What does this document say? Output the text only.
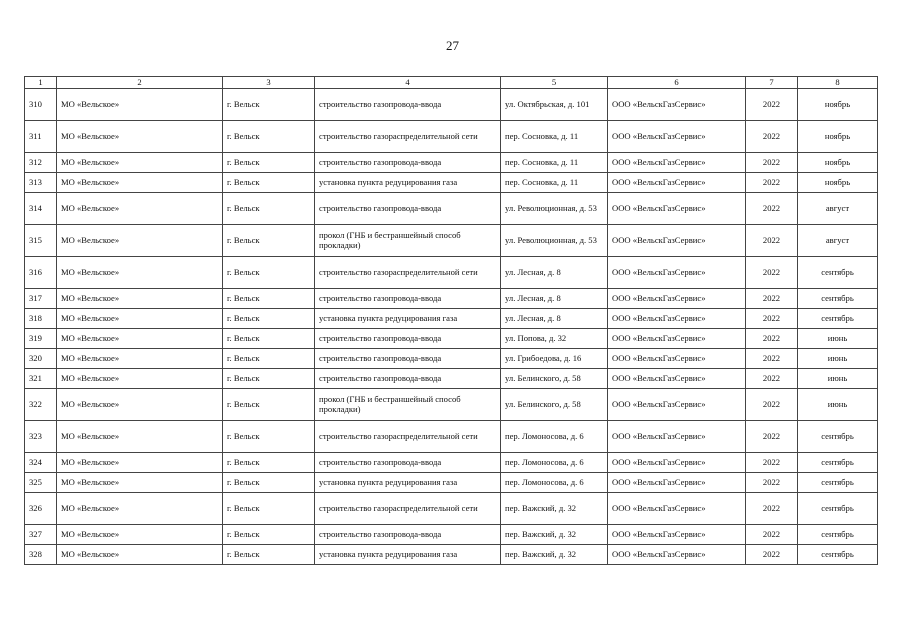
27
1	2	3	4	5	6	7	8
310	МО «Вельское»	г. Вельск	строительство газопровода-ввода	ул. Октябрьская, д. 101	ООО «ВельскГазСервис»	2022	ноябрь
311	МО «Вельское»	г. Вельск	строительство газораспределительной сети	пер. Сосновка, д. 11	ООО «ВельскГазСервис»	2022	ноябрь
312	МО «Вельское»	г. Вельск	строительство газопровода-ввода	пер. Сосновка, д. 11	ООО «ВельскГазСервис»	2022	ноябрь
313	МО «Вельское»	г. Вельск	установка пункта редуцирования газа	пер. Сосновка, д. 11	ООО «ВельскГазСервис»	2022	ноябрь
314	МО «Вельское»	г. Вельск	строительство газопровода-ввода	ул. Революционная, д. 53	ООО «ВельскГазСервис»	2022	август
315	МО «Вельское»	г. Вельск	прокол (ГНБ и бестраншейный способ прокладки)	ул. Революционная, д. 53	ООО «ВельскГазСервис»	2022	август
316	МО «Вельское»	г. Вельск	строительство газораспределительной сети	ул. Лесная, д. 8	ООО «ВельскГазСервис»	2022	сентябрь
317	МО «Вельское»	г. Вельск	строительство газопровода-ввода	ул. Лесная, д. 8	ООО «ВельскГазСервис»	2022	сентябрь
318	МО «Вельское»	г. Вельск	установка пункта редуцирования газа	ул. Лесная, д. 8	ООО «ВельскГазСервис»	2022	сентябрь
319	МО «Вельское»	г. Вельск	строительство газопровода-ввода	ул. Попова, д. 32	ООО «ВельскГазСервис»	2022	июнь
320	МО «Вельское»	г. Вельск	строительство газопровода-ввода	ул. Грибоедова, д. 16	ООО «ВельскГазСервис»	2022	июнь
321	МО «Вельское»	г. Вельск	строительство газопровода-ввода	ул. Белинского, д. 58	ООО «ВельскГазСервис»	2022	июнь
322	МО «Вельское»	г. Вельск	прокол (ГНБ и бестраншейный способ прокладки)	ул. Белинского, д. 58	ООО «ВельскГазСервис»	2022	июнь
323	МО «Вельское»	г. Вельск	строительство газораспределительной сети	пер. Ломоносова, д. 6	ООО «ВельскГазСервис»	2022	сентябрь
324	МО «Вельское»	г. Вельск	строительство газопровода-ввода	пер. Ломоносова, д. 6	ООО «ВельскГазСервис»	2022	сентябрь
325	МО «Вельское»	г. Вельск	установка пункта редуцирования газа	пер. Ломоносова, д. 6	ООО «ВельскГазСервис»	2022	сентябрь
326	МО «Вельское»	г. Вельск	строительство газораспределительной сети	пер. Важский, д. 32	ООО «ВельскГазСервис»	2022	сентябрь
327	МО «Вельское»	г. Вельск	строительство газопровода-ввода	пер. Важский, д. 32	ООО «ВельскГазСервис»	2022	сентябрь
328	МО «Вельское»	г. Вельск	установка пункта редуцирования газа	пер. Важский, д. 32	ООО «ВельскГазСервис»	2022	сентябрь
